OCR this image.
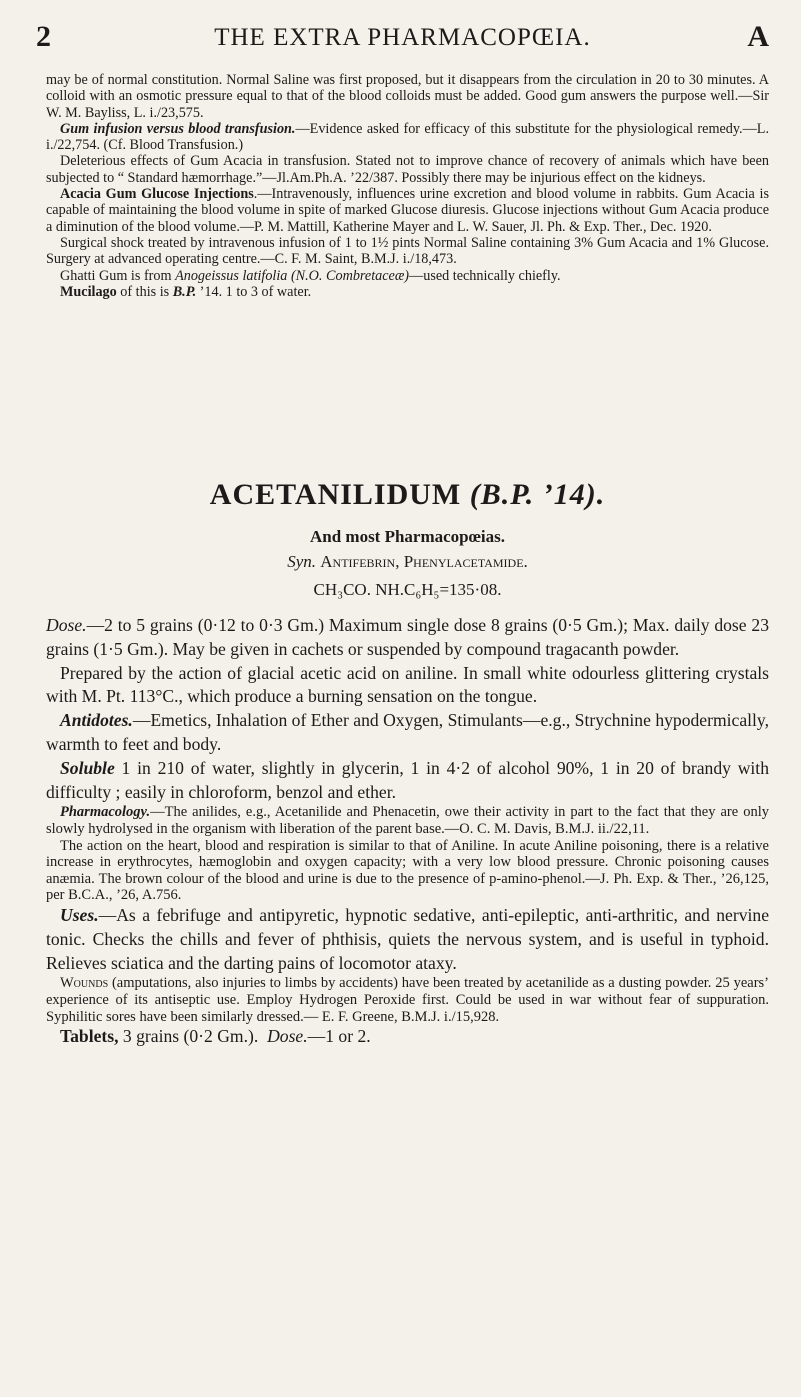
2	THE EXTRA PHARMACOPŒIA.	A

may be of normal constitution. Normal Saline was first proposed, but it disappears from the circulation in 20 to 30 minutes. A colloid with an osmotic pressure equal to that of the blood colloids must be added. Good gum answers the purpose well.—Sir W. M. Bayliss, L. i./23,575.

Gum infusion versus blood transfusion.—Evidence asked for efficacy of this substitute for the physiological remedy.—L. i./22,754. (Cf. Blood Transfusion.)

Deleterious effects of Gum Acacia in transfusion. Stated not to improve chance of recovery of animals which have been subjected to “ Standard hæmorrhage.”—Jl.Am.Ph.A. ’22/387. Possibly there may be injurious effect on the kidneys.

Acacia Gum Glucose Injections.—Intravenously, influences urine excretion and blood volume in rabbits. Gum Acacia is capable of maintaining the blood volume in spite of marked Glucose diuresis. Glucose injections without Gum Acacia produce a diminution of the blood volume.—P. M. Mattill, Katherine Mayer and L. W. Sauer, Jl. Ph. & Exp. Ther., Dec. 1920.

Surgical shock treated by intravenous infusion of 1 to 1½ pints Normal Saline containing 3% Gum Acacia and 1% Glucose. Surgery at advanced operating centre.—C. F. M. Saint, B.M.J. i./18,473.

Ghatti Gum is from Anogeissus latifolia (N.O. Combretaceæ)—used technically chiefly.

Mucilago of this is B.P. ’14. 1 to 3 of water.

ACETANILIDUM (B.P. ’14).
And most Pharmacopœias.
Syn. Antifebrin, Phenylacetamide.
CH₃CO. NH.C₆H₅=135·08.

Dose.—2 to 5 grains (0·12 to 0·3 Gm.) Maximum single dose 8 grains (0·5 Gm.); Max. daily dose 23 grains (1·5 Gm.). May be given in cachets or suspended by compound tragacanth powder.

Prepared by the action of glacial acetic acid on aniline. In small white odourless glittering crystals with M. Pt. 113°C., which produce a burning sensation on the tongue.

Antidotes.—Emetics, Inhalation of Ether and Oxygen, Stimulants—e.g., Strychnine hypodermically, warmth to feet and body.

Soluble 1 in 210 of water, slightly in glycerin, 1 in 4·2 of alcohol 90%, 1 in 20 of brandy with difficulty ; easily in chloroform, benzol and ether.

Pharmacology.—The anilides, e.g., Acetanilide and Phenacetin, owe their activity in part to the fact that they are only slowly hydrolysed in the organism with liberation of the parent base.—O. C. M. Davis, B.M.J. ii./22,11.

The action on the heart, blood and respiration is similar to that of Aniline. In acute Aniline poisoning, there is a relative increase in erythrocytes, hæmoglobin and oxygen capacity; with a very low blood pressure. Chronic poisoning causes anæmia. The brown colour of the blood and urine is due to the presence of p-amino-phenol.—J. Ph. Exp. & Ther., ’26,125, per B.C.A., ’26, A.756.

Uses.—As a febrifuge and antipyretic, hypnotic sedative, anti-epileptic, anti-arthritic, and nervine tonic. Checks the chills and fever of phthisis, quiets the nervous system, and is useful in typhoid. Relieves sciatica and the darting pains of locomotor ataxy.

Wounds (amputations, also injuries to limbs by accidents) have been treated by acetanilide as a dusting powder. 25 years’ experience of its antiseptic use. Employ Hydrogen Peroxide first. Could be used in war without fear of suppuration. Syphilitic sores have been similarly dressed.— E. F. Greene, B.M.J. i./15,928.

Tablets, 3 grains (0·2 Gm.). Dose.—1 or 2.
